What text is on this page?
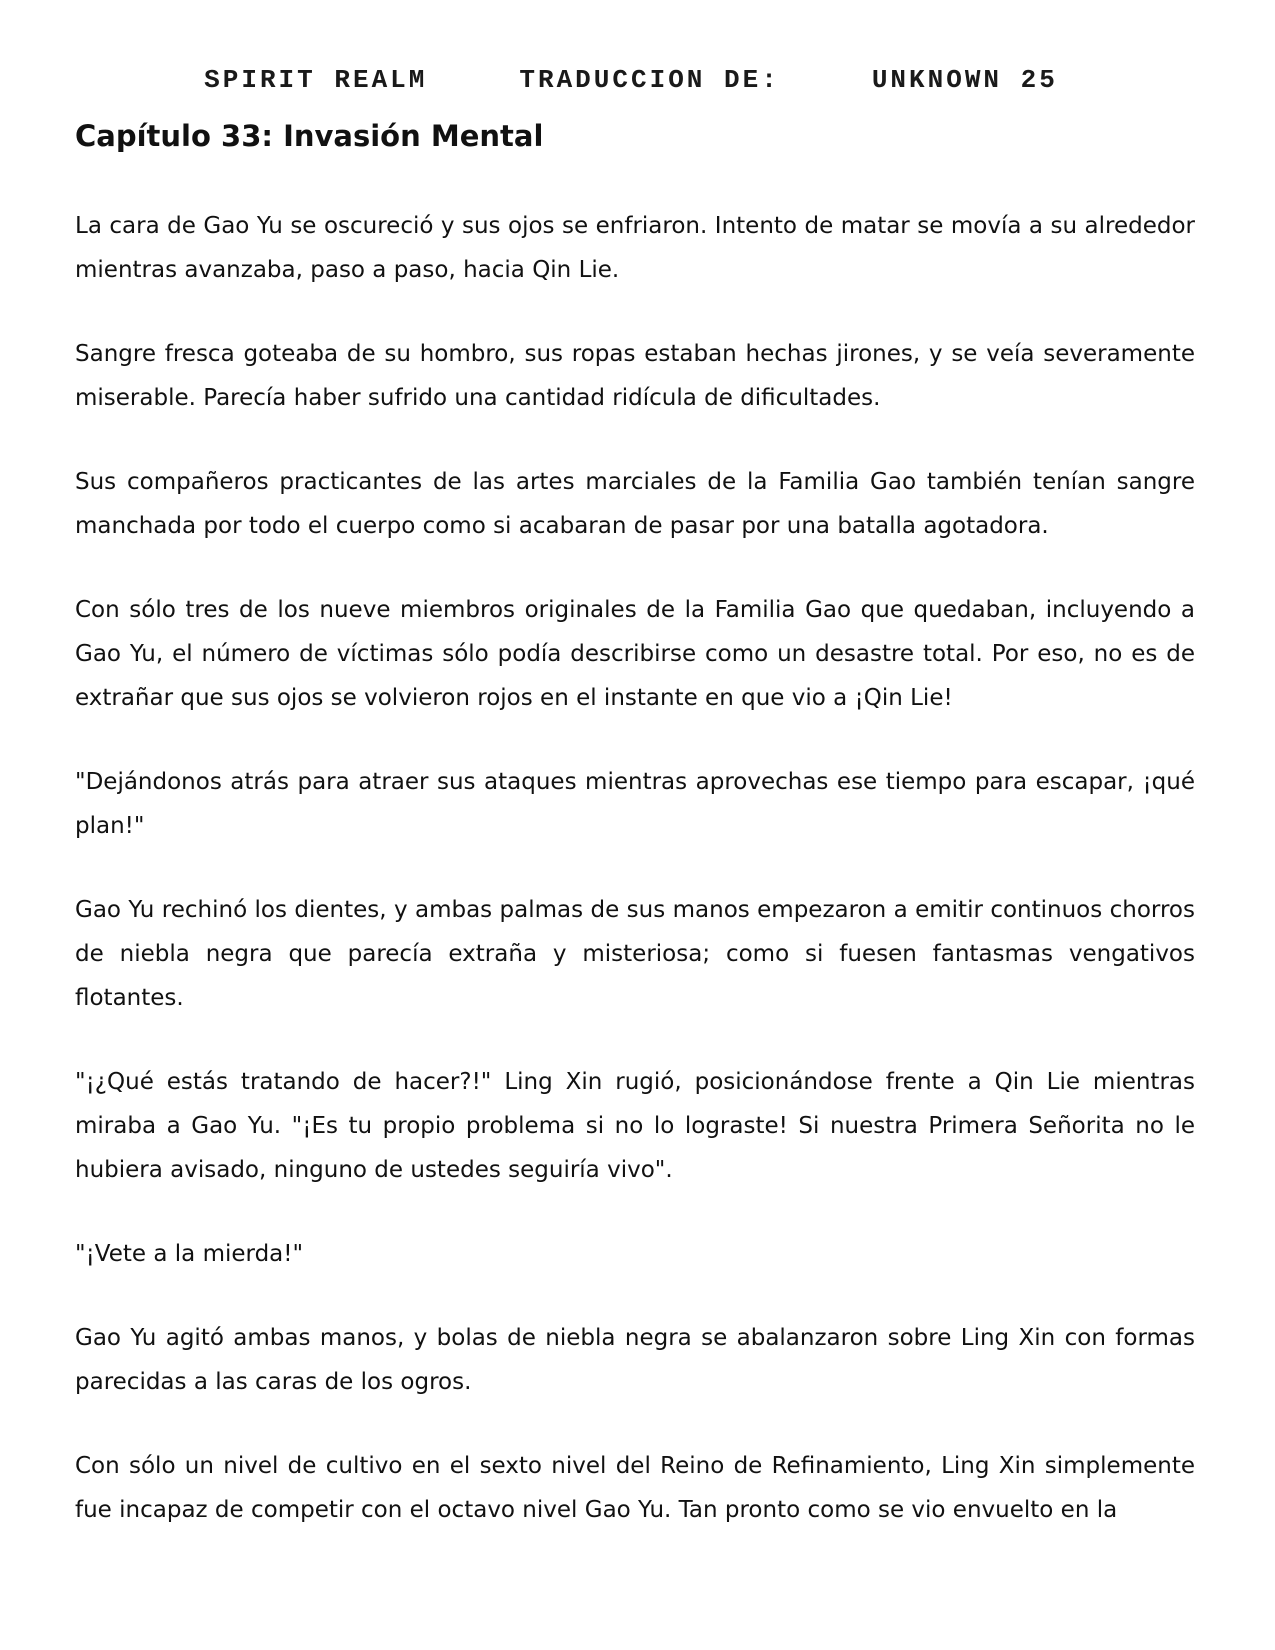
SPIRIT REALM	TRADUCCION DE:	UNKNOWN 25
Capítulo 33: Invasión Mental

La cara de Gao Yu se oscureció y sus ojos se enfriaron. Intento de matar se movía a su alrededor mientras avanzaba, paso a paso, hacia Qin Lie.

Sangre fresca goteaba de su hombro, sus ropas estaban hechas jirones, y se veía severamente miserable. Parecía haber sufrido una cantidad ridícula de dificultades.

Sus compañeros practicantes de las artes marciales de la Familia Gao también tenían sangre manchada por todo el cuerpo como si acabaran de pasar por una batalla agotadora.

Con sólo tres de los nueve miembros originales de la Familia Gao que quedaban, incluyendo a Gao Yu, el número de víctimas sólo podía describirse como un desastre total. Por eso, no es de extrañar que sus ojos se volvieron rojos en el instante en que vio a ¡Qin Lie!

"Dejándonos atrás para atraer sus ataques mientras aprovechas ese tiempo para escapar, ¡qué plan!"

Gao Yu rechinó los dientes, y ambas palmas de sus manos empezaron a emitir continuos chorros de niebla negra que parecía extraña y misteriosa; como si fuesen fantasmas vengativos flotantes.

"¡¿Qué estás tratando de hacer?!" Ling Xin rugió, posicionándose frente a Qin Lie mientras miraba a Gao Yu. "¡Es tu propio problema si no lo lograste! Si nuestra Primera Señorita no le hubiera avisado, ninguno de ustedes seguiría vivo".

"¡Vete a la mierda!"

Gao Yu agitó ambas manos, y bolas de niebla negra se abalanzaron sobre Ling Xin con formas parecidas a las caras de los ogros.

Con sólo un nivel de cultivo en el sexto nivel del Reino de Refinamiento, Ling Xin simplemente fue incapaz de competir con el octavo nivel Gao Yu. Tan pronto como se vio envuelto en la
